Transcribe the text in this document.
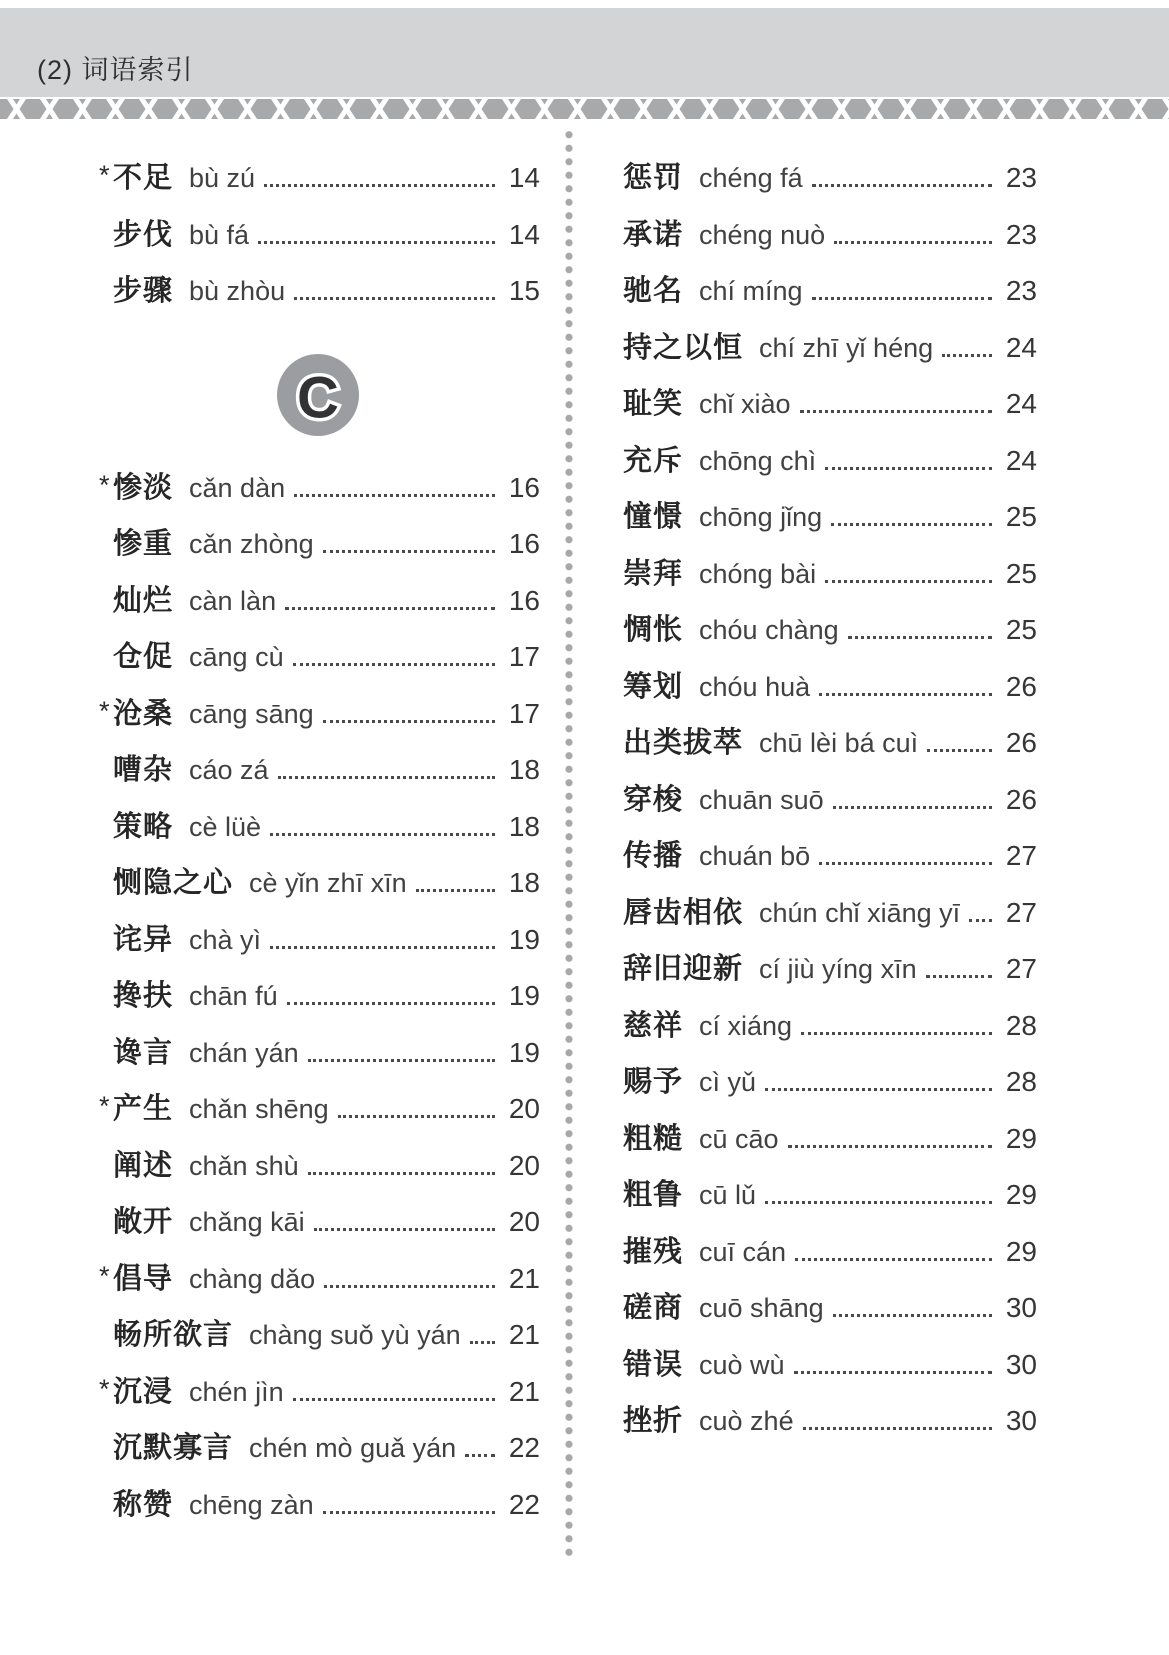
(2) 词语索引
* 不足 bù zú	14
步伐 bù fá	14
步骤 bù zhòu	15
C
* 惨淡 cǎn dàn	16
惨重 cǎn zhòng	16
灿烂 càn làn	16
仓促 cāng cù	17
* 沧桑 cāng sāng	17
嘈杂 cáo zá	18
策略 cè lüè	18
恻隐之心 cè yǐn zhī xīn	18
诧异 chà yì	19
搀扶 chān fú	19
谗言 chán yán	19
* 产生 chǎn shēng	20
阐述 chǎn shù	20
敞开 chǎng kāi	20
* 倡导 chàng dǎo	21
畅所欲言 chàng suǒ yù yán	21
* 沉浸 chén jìn	21
沉默寡言 chén mò guǎ yán	22
称赞 chēng zàn	22
惩罚 chéng fá	23
承诺 chéng nuò	23
驰名 chí míng	23
持之以恒 chí zhī yǐ héng	24
耻笑 chǐ xiào	24
充斥 chōng chì	24
憧憬 chōng jǐng	25
崇拜 chóng bài	25
惆怅 chóu chàng	25
筹划 chóu huà	26
出类拔萃 chū lèi bá cuì	26
穿梭 chuān suō	26
传播 chuán bō	27
唇齿相依 chún chǐ xiāng yī	27
辞旧迎新 cí jiù yíng xīn	27
慈祥 cí xiáng	28
赐予 cì yǔ	28
粗糙 cū cāo	29
粗鲁 cū lǔ	29
摧残 cuī cán	29
磋商 cuō shāng	30
错误 cuò wù	30
挫折 cuò zhé	30
